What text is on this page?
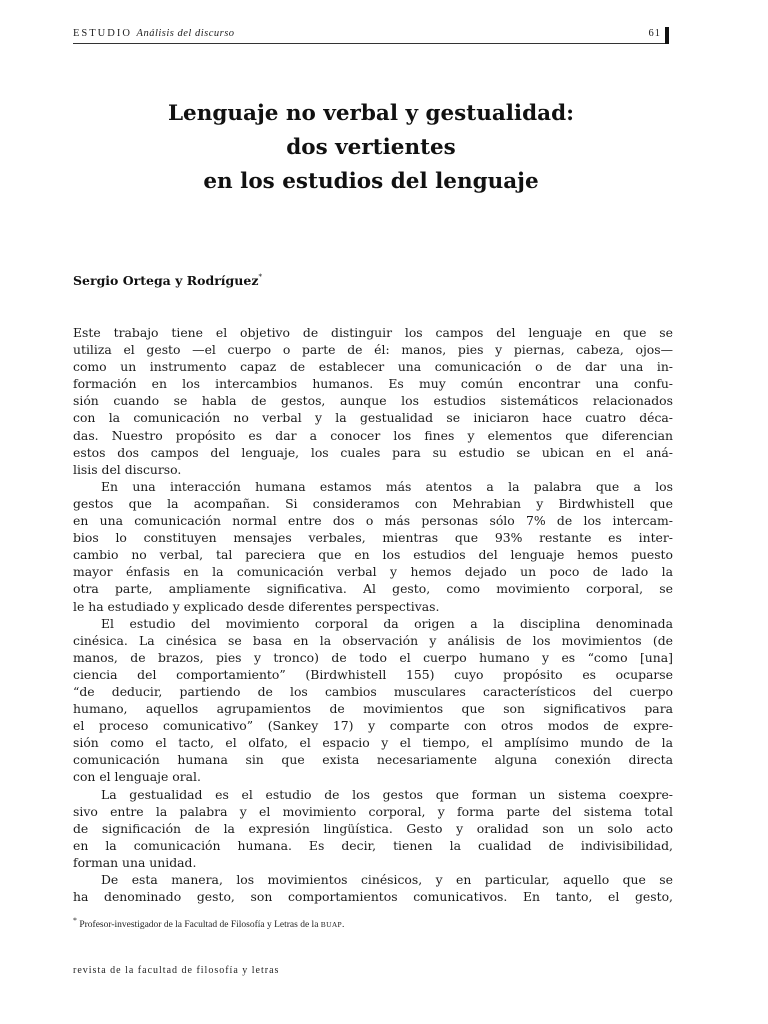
ESTUDIO Análisis del discurso	61
Lenguaje no verbal y gestualidad:
dos vertientes
en los estudios del lenguaje
Sergio Ortega y Rodríguez*
Este trabajo tiene el objetivo de distinguir los campos del lenguaje en que se
utiliza el gesto —el cuerpo o parte de él: manos, pies y piernas, cabeza, ojos—
como un instrumento capaz de establecer una comunicación o de dar una in-
formación en los intercambios humanos. Es muy común encontrar una confu-
sión cuando se habla de gestos, aunque los estudios sistemáticos relacionados
con la comunicación no verbal y la gestualidad se iniciaron hace cuatro déca-
das. Nuestro propósito es dar a conocer los fines y elementos que diferencian
estos dos campos del lenguaje, los cuales para su estudio se ubican en el aná-
lisis del discurso.
En una interacción humana estamos más atentos a la palabra que a los
gestos que la acompañan. Si consideramos con Mehrabian y Birdwhistell que
en una comunicación normal entre dos o más personas sólo 7% de los intercam-
bios lo constituyen mensajes verbales, mientras que 93% restante es inter-
cambio no verbal, tal pareciera que en los estudios del lenguaje hemos puesto
mayor énfasis en la comunicación verbal y hemos dejado un poco de lado la
otra parte, ampliamente significativa. Al gesto, como movimiento corporal, se
le ha estudiado y explicado desde diferentes perspectivas.
El estudio del movimiento corporal da origen a la disciplina denominada
cinésica. La cinésica se basa en la observación y análisis de los movimientos (de
manos, de brazos, pies y tronco) de todo el cuerpo humano y es “como [una]
ciencia del comportamiento” (Birdwhistell 155) cuyo propósito es ocuparse
“de deducir, partiendo de los cambios musculares característicos del cuerpo
humano, aquellos agrupamientos de movimientos que son significativos para
el proceso comunicativo” (Sankey 17) y comparte con otros modos de expre-
sión como el tacto, el olfato, el espacio y el tiempo, el amplísimo mundo de la
comunicación humana sin que exista necesariamente alguna conexión directa
con el lenguaje oral.
La gestualidad es el estudio de los gestos que forman un sistema coexpre-
sivo entre la palabra y el movimiento corporal, y forma parte del sistema total
de significación de la expresión lingüística. Gesto y oralidad son un solo acto
en la comunicación humana. Es decir, tienen la cualidad de indivisibilidad,
forman una unidad.
De esta manera, los movimientos cinésicos, y en particular, aquello que se
ha denominado gesto, son comportamientos comunicativos. En tanto, el gesto,
* Profesor-investigador de la Facultad de Filosofía y Letras de la BUAP.
revista de la facultad de filosofía y letras
